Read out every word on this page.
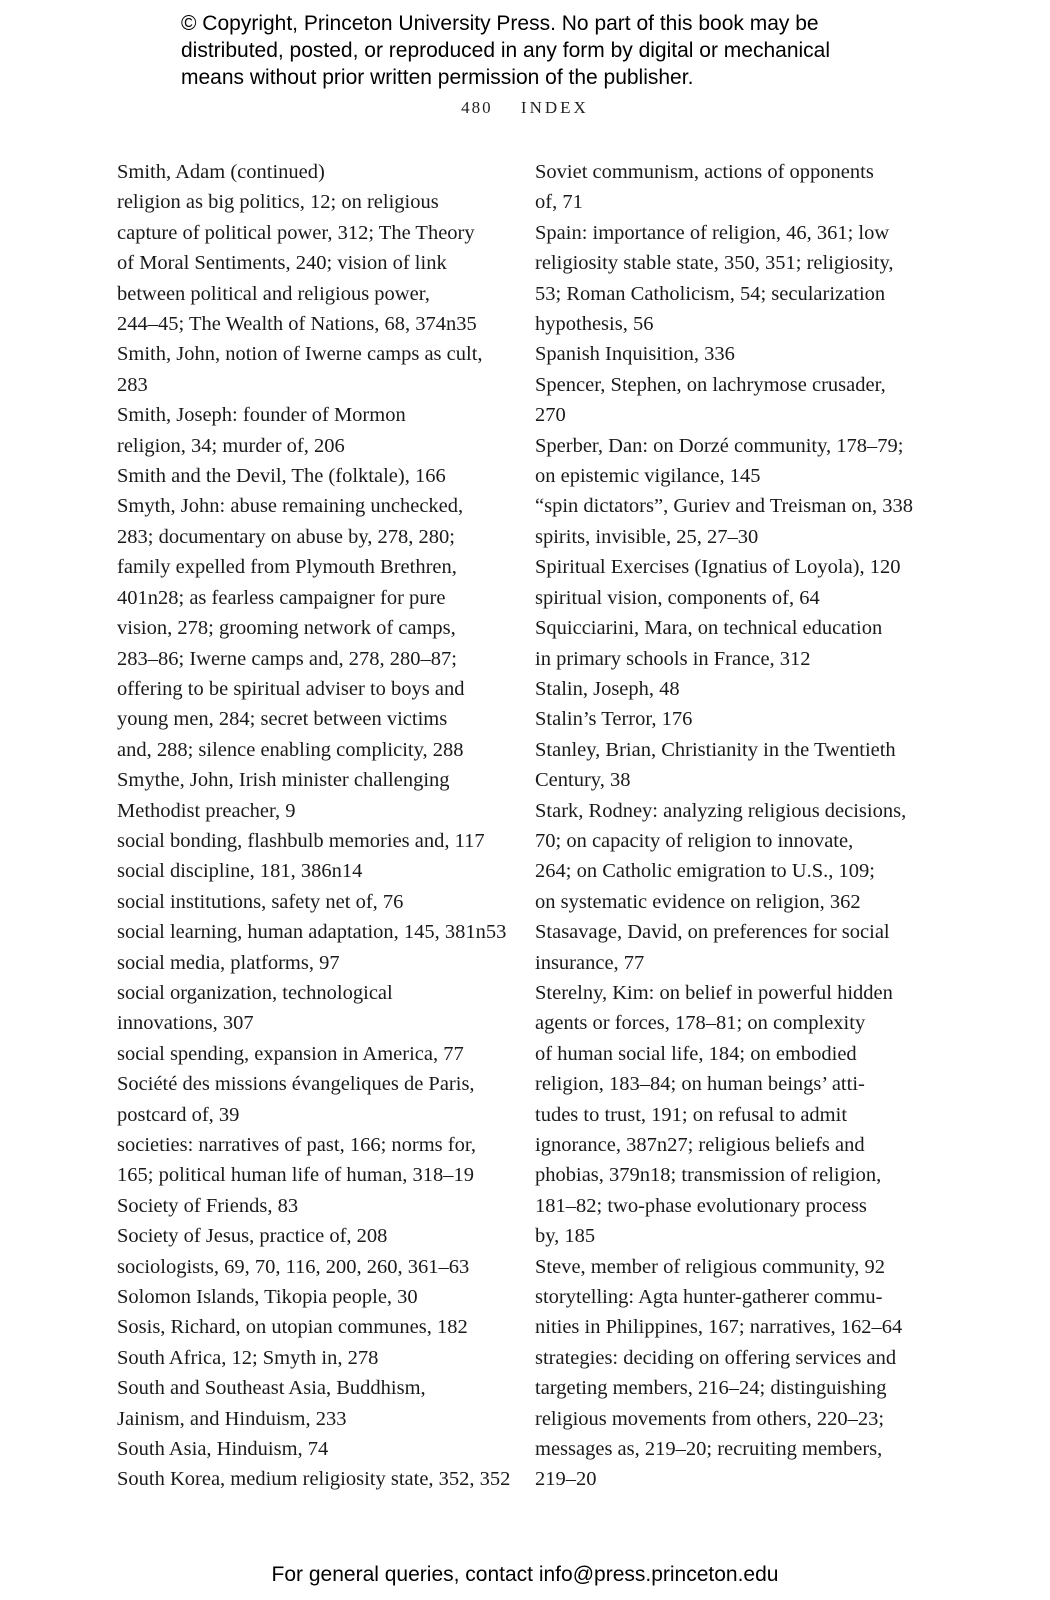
© Copyright, Princeton University Press. No part of this book may be
distributed, posted, or reproduced in any form by digital or mechanical
means without prior written permission of the publisher.
480 INDEX
Smith, Adam (continued)
religion as big politics, 12; on religious
capture of political power, 312; The Theory
of Moral Sentiments, 240; vision of link
between political and religious power,
244–45; The Wealth of Nations, 68, 374n35
Smith, John, notion of Iwerne camps as cult,
283
Smith, Joseph: founder of Mormon
religion, 34; murder of, 206
Smith and the Devil, The (folktale), 166
Smyth, John: abuse remaining unchecked,
283; documentary on abuse by, 278, 280;
family expelled from Plymouth Brethren,
401n28; as fearless campaigner for pure
vision, 278; grooming network of camps,
283–86; Iwerne camps and, 278, 280–87;
offering to be spiritual adviser to boys and
young men, 284; secret between victims
and, 288; silence enabling complicity, 288
Smythe, John, Irish minister challenging
Methodist preacher, 9
social bonding, flashbulb memories and, 117
social discipline, 181, 386n14
social institutions, safety net of, 76
social learning, human adaptation, 145, 381n53
social media, platforms, 97
social organization, technological
innovations, 307
social spending, expansion in America, 77
Société des missions évangeliques de Paris,
postcard of, 39
societies: narratives of past, 166; norms for,
165; political human life of human, 318–19
Society of Friends, 83
Society of Jesus, practice of, 208
sociologists, 69, 70, 116, 200, 260, 361–63
Solomon Islands, Tikopia people, 30
Sosis, Richard, on utopian communes, 182
South Africa, 12; Smyth in, 278
South and Southeast Asia, Buddhism,
Jainism, and Hinduism, 233
South Asia, Hinduism, 74
South Korea, medium religiosity state, 352, 352
Soviet communism, actions of opponents
of, 71
Spain: importance of religion, 46, 361; low
religiosity stable state, 350, 351; religiosity,
53; Roman Catholicism, 54; secularization
hypothesis, 56
Spanish Inquisition, 336
Spencer, Stephen, on lachrymose crusader,
270
Sperber, Dan: on Dorzé community, 178–79;
on epistemic vigilance, 145
“spin dictators”, Guriev and Treisman on, 338
spirits, invisible, 25, 27–30
Spiritual Exercises (Ignatius of Loyola), 120
spiritual vision, components of, 64
Squicciarini, Mara, on technical education
in primary schools in France, 312
Stalin, Joseph, 48
Stalin’s Terror, 176
Stanley, Brian, Christianity in the Twentieth
Century, 38
Stark, Rodney: analyzing religious decisions,
70; on capacity of religion to innovate,
264; on Catholic emigration to U.S., 109;
on systematic evidence on religion, 362
Stasavage, David, on preferences for social
insurance, 77
Sterelny, Kim: on belief in powerful hidden
agents or forces, 178–81; on complexity
of human social life, 184; on embodied
religion, 183–84; on human beings’ atti-
tudes to trust, 191; on refusal to admit
ignorance, 387n27; religious beliefs and
phobias, 379n18; transmission of religion,
181–82; two-phase evolutionary process
by, 185
Steve, member of religious community, 92
storytelling: Agta hunter-gatherer commu-
nities in Philippines, 167; narratives, 162–64
strategies: deciding on offering services and
targeting members, 216–24; distinguishing
religious movements from others, 220–23;
messages as, 219–20; recruiting members,
219–20
For general queries, contact info@press.princeton.edu
